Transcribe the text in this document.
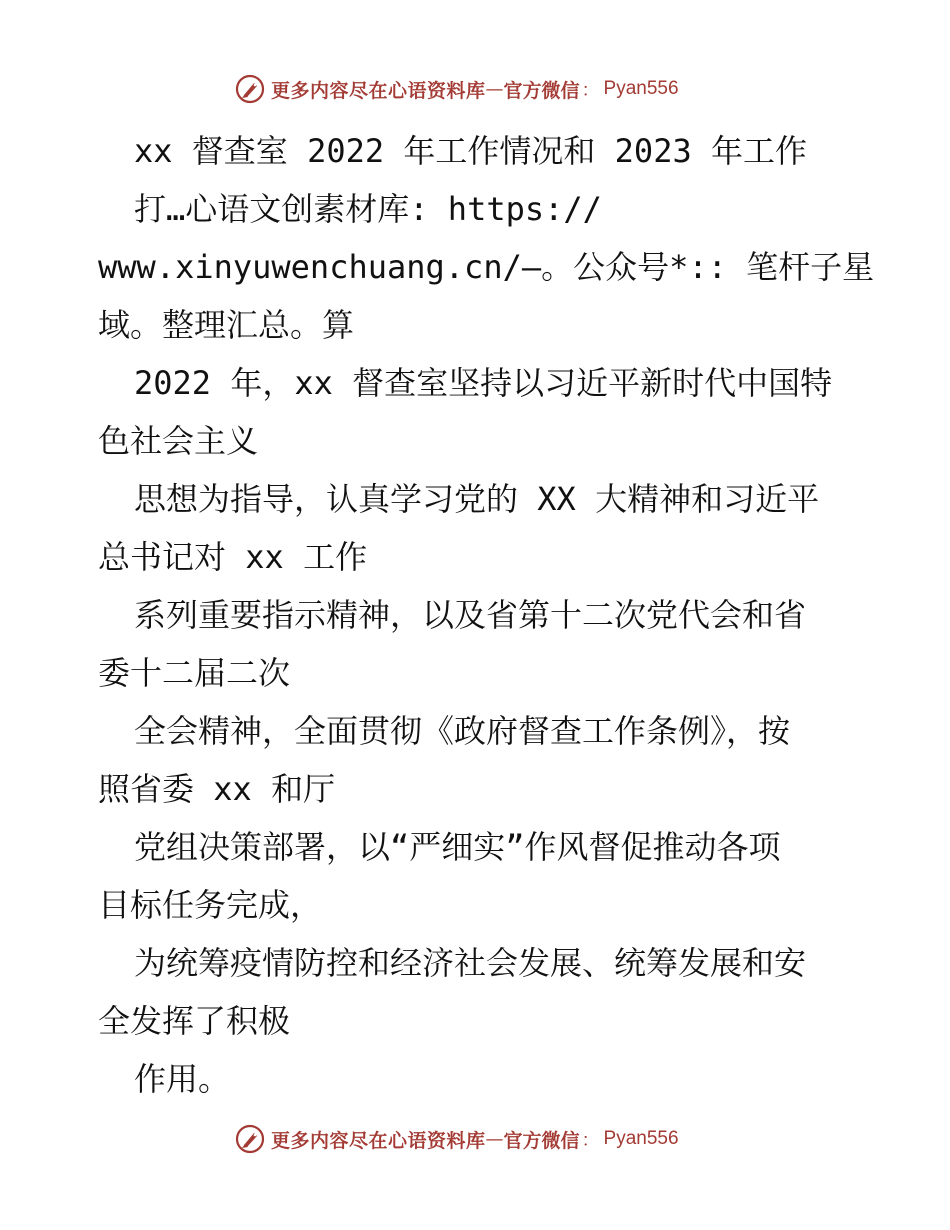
更多内容尽在心语资料库 — 官方微信 ： Pyan556
xx 督查室 2022 年工作情况和 2023 年工作
打…心语文创素材库: https://
www.xinyuwenchuang.cn/—。公众号*:: 笔杆子星
域。整理汇总。算
2022 年，xx 督查室坚持以习近平新时代中国特
色社会主义
思想为指导，认真学习党的 XX 大精神和习近平
总书记对 xx 工作
系列重要指示精神，以及省第十二次党代会和省
委十二届二次
全会精神，全面贯彻《政府督查工作条例》，按
照省委 xx 和厅
党组决策部署，以“严细实”作风督促推动各项
目标任务完成，
为统筹疫情防控和经济社会发展、统筹发展和安
全发挥了积极
作用。
更多内容尽在心语资料库 — 官方微信 ： Pyan556
